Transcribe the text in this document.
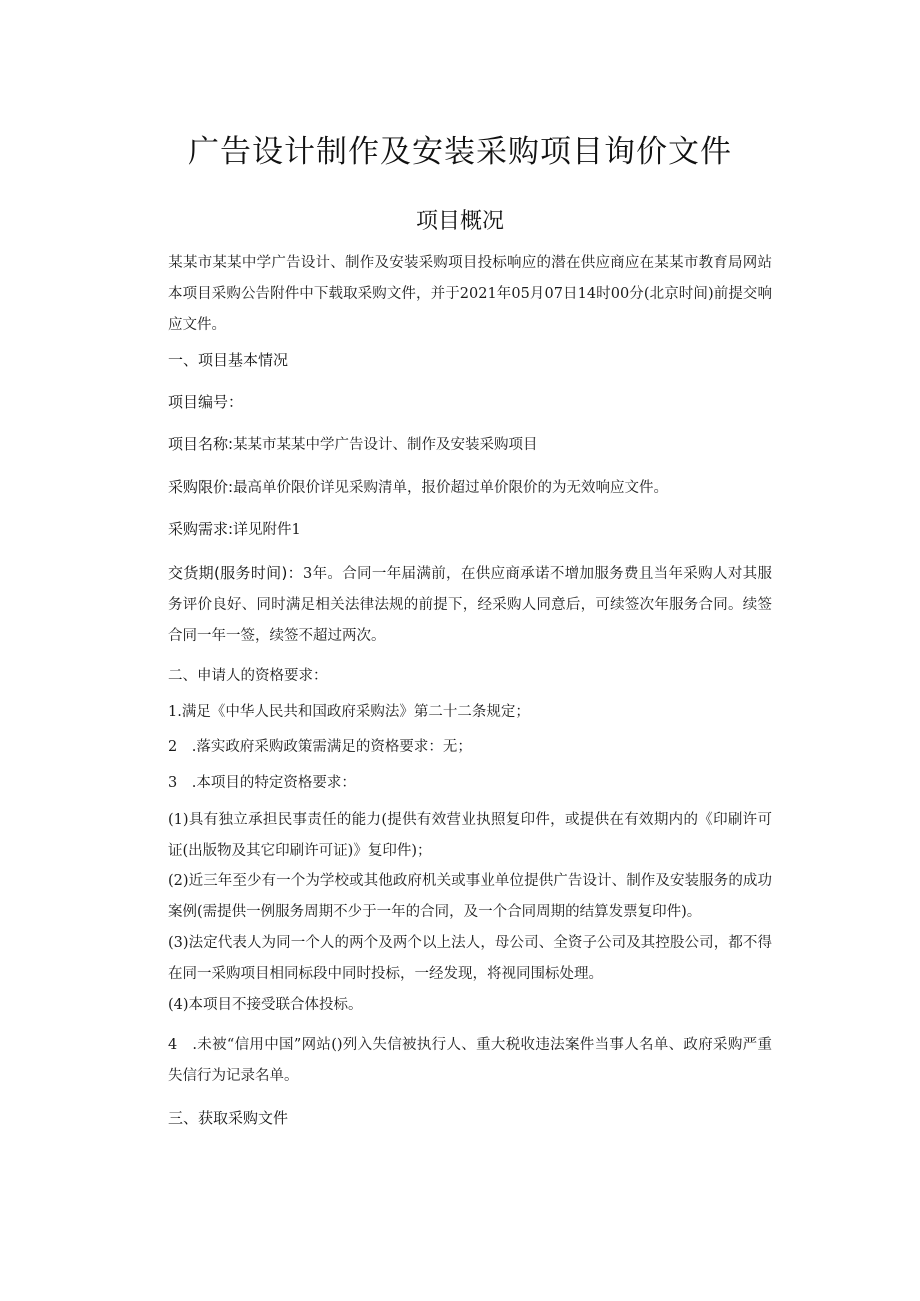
广告设计制作及安装采购项目询价文件
项目概况
某某市某某中学广告设计、制作及安装采购项目投标响应的潜在供应商应在某某市教育局网站本项目采购公告附件中下载取采购文件，并于2021年05月07日14时00分(北京时间)前提交响应文件。
一、项目基本情况
项目编号：
项目名称:某某市某某中学广告设计、制作及安装采购项目
采购限价:最高单价限价详见采购清单，报价超过单价限价的为无效响应文件。
采购需求:详见附件1
交货期(服务时间)：3年。合同一年届满前，在供应商承诺不增加服务费且当年采购人对其服务评价良好、同时满足相关法律法规的前提下，经采购人同意后，可续签次年服务合同。续签合同一年一签，续签不超过两次。
二、申请人的资格要求：
1.满足《中华人民共和国政府采购法》第二十二条规定；
2　.落实政府采购政策需满足的资格要求：无；
3　.本项目的特定资格要求：
(1)具有独立承担民事责任的能力(提供有效营业执照复印件，或提供在有效期内的《印刷许可证(出版物及其它印刷许可证)》复印件)；
(2)近三年至少有一个为学校或其他政府机关或事业单位提供广告设计、制作及安装服务的成功案例(需提供一例服务周期不少于一年的合同，及一个合同周期的结算发票复印件)。
(3)法定代表人为同一个人的两个及两个以上法人，母公司、全资子公司及其控股公司，都不得在同一采购项目相同标段中同时投标，一经发现，将视同围标处理。
(4)本项目不接受联合体投标。
4　.未被“信用中国”网站()列入失信被执行人、重大税收违法案件当事人名单、政府采购严重失信行为记录名单。
三、获取采购文件
